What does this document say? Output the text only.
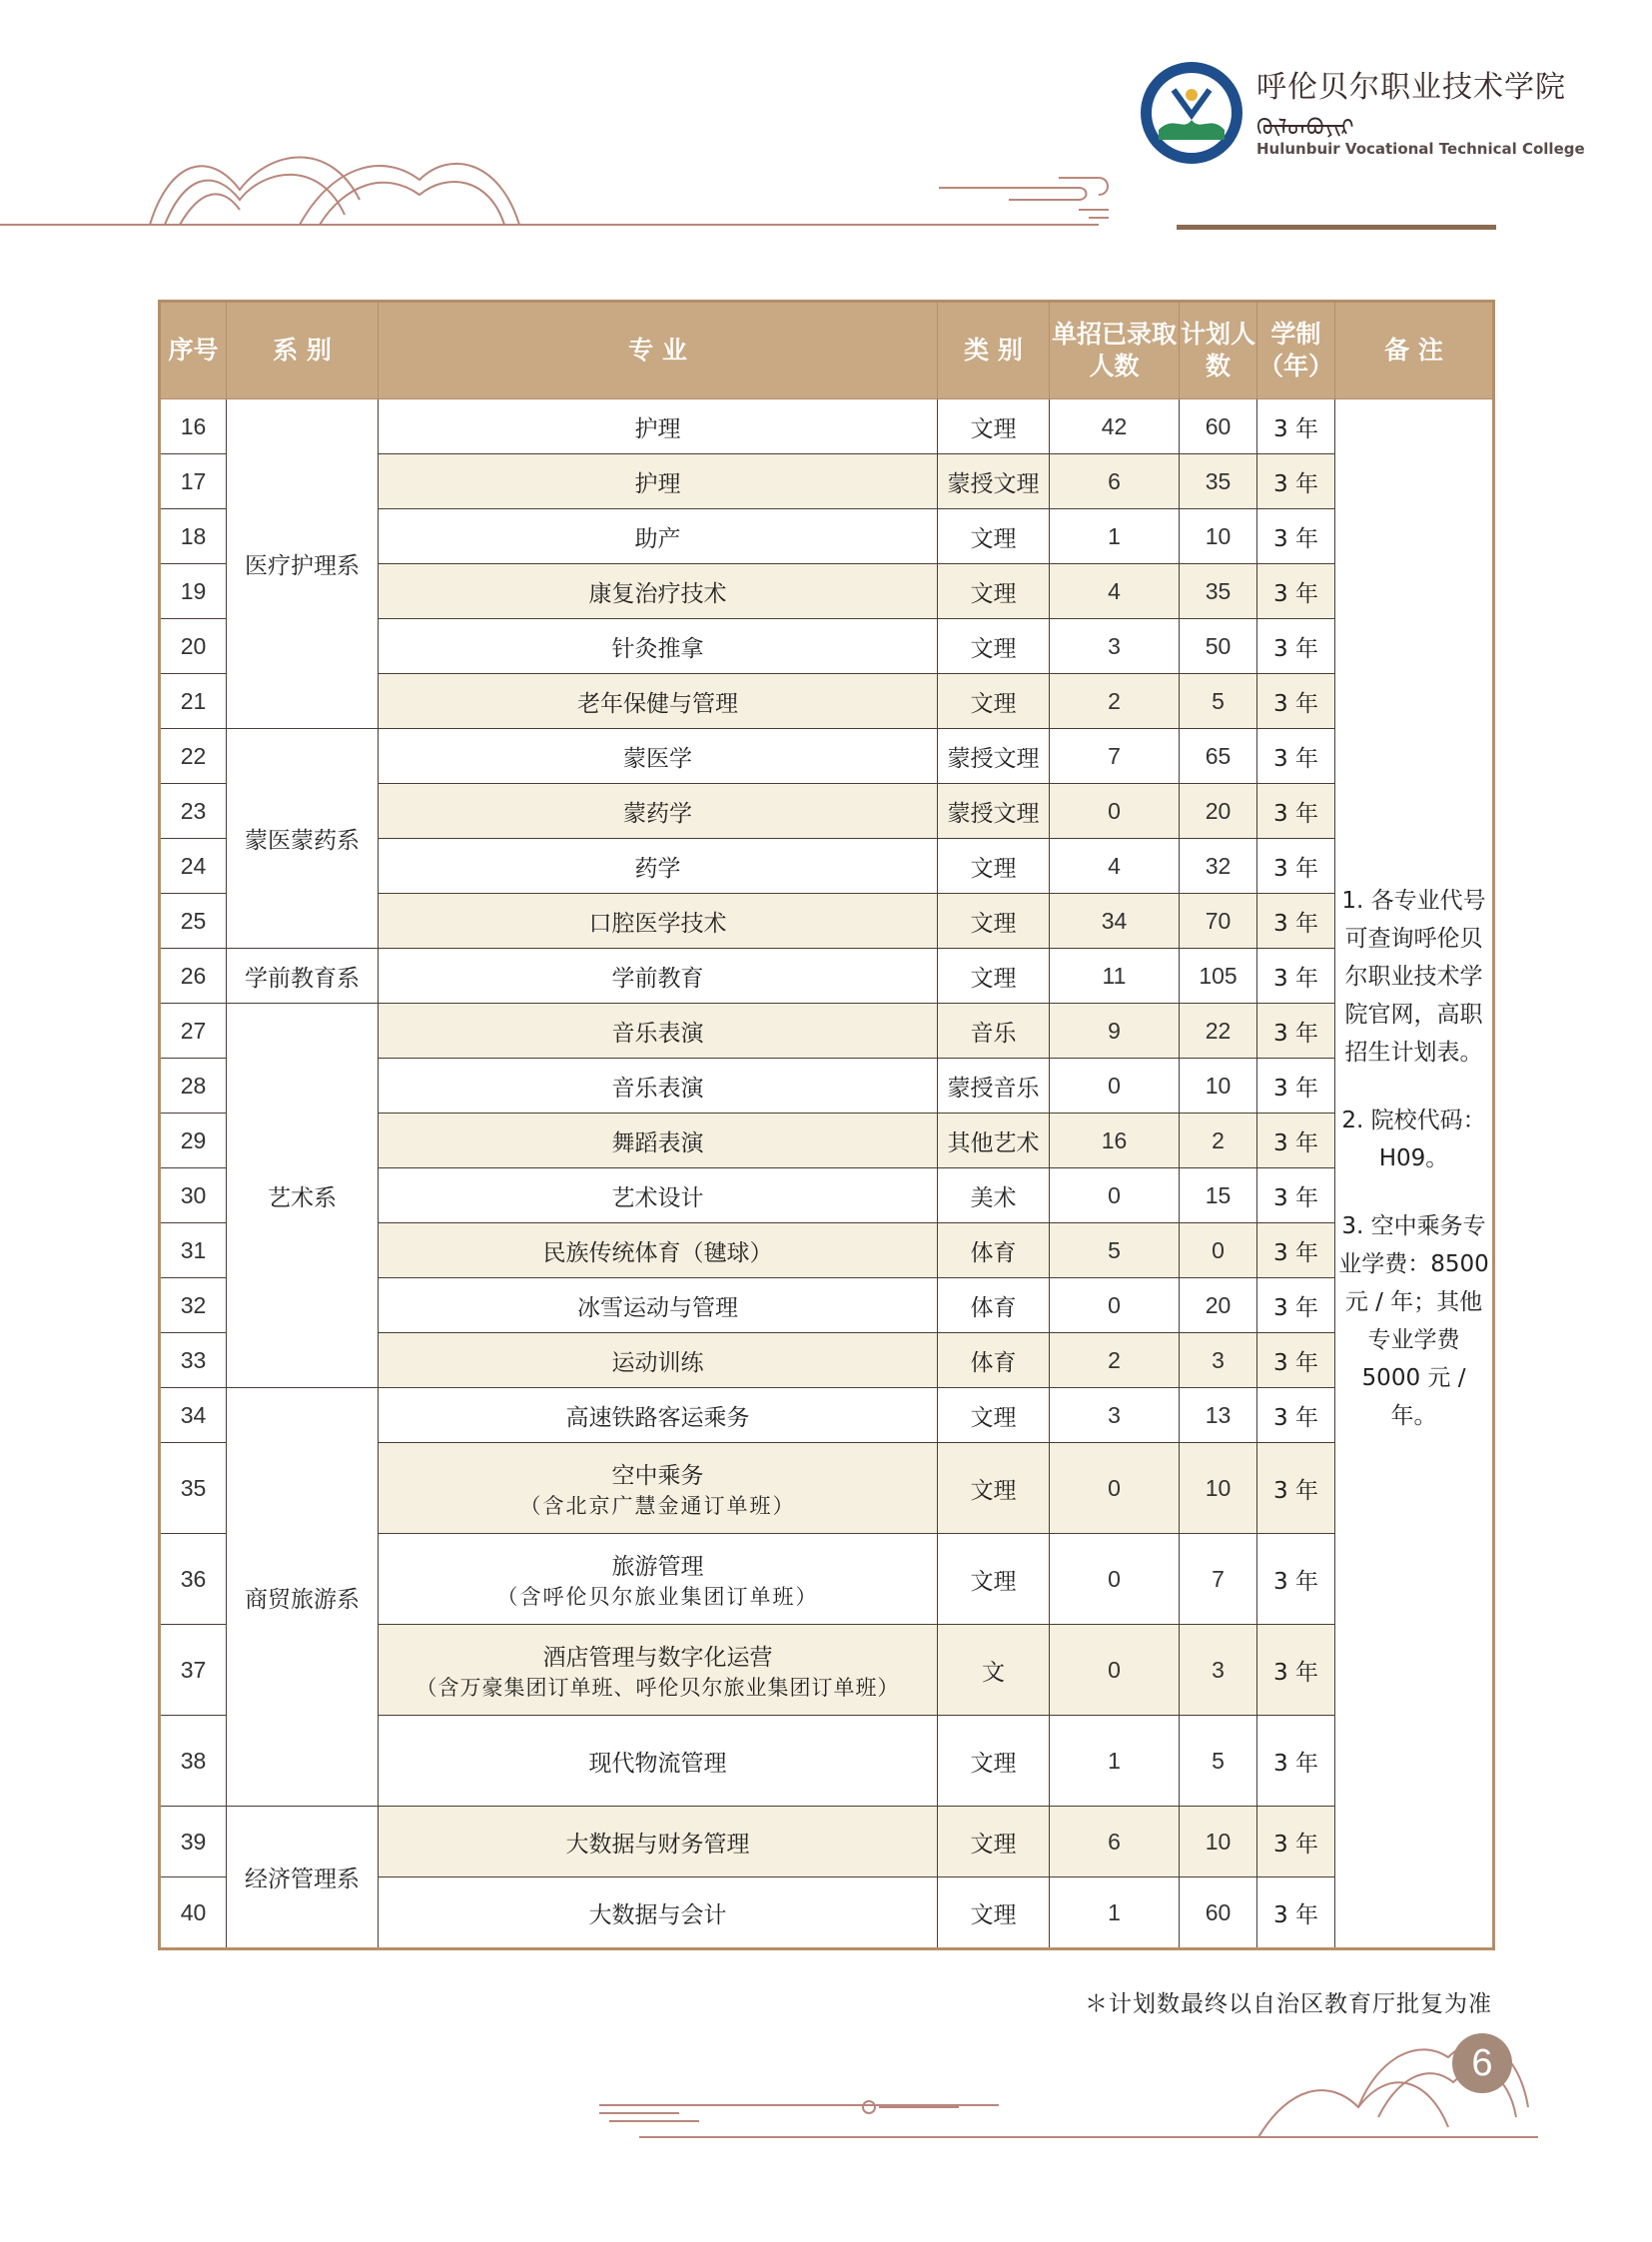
呼伦贝尔职业技术学院
ᠬᠥᠯᠥᠨᠪᠤᠶᠢᠷ
Hulunbuir Vocational Technical College
序号	系 别	专 业	类 别	单招已录取人数	计划人数	学制（年）	备 注
16	医疗护理系	护理	文理	42	60	3 年	1. 各专业代号可查询呼伦贝尔职业技术学院官网，高职招生计划表。
2. 院校代码：H09。
3. 空中乘务专业学费：8500 元 / 年；其他专业学费 5000 元 / 年。

17		护理	蒙授文理	6	35	3 年	
18		助产	文理	1	10	3 年	
19		康复治疗技术	文理	4	35	3 年	
20		针灸推拿	文理	3	50	3 年	
21		老年保健与管理	文理	2	5	3 年	
22	蒙医蒙药系	蒙医学	蒙授文理	7	65	3 年	
23		蒙药学	蒙授文理	0	20	3 年	
24		药学	文理	4	32	3 年	
25		口腔医学技术	文理	34	70	3 年	
26	学前教育系	学前教育	文理	11	105	3 年	
27	艺术系	音乐表演	音乐	9	22	3 年	
28		音乐表演	蒙授音乐	0	10	3 年	
29		舞蹈表演	其他艺术	16	2	3 年	
30		艺术设计	美术	0	15	3 年	
31		民族传统体育（毽球）	体育	5	0	3 年	
32		冰雪运动与管理	体育	0	20	3 年	
33		运动训练	体育	2	3	3 年	
34	商贸旅游系	高速铁路客运乘务	文理	3	13	3 年	
35		空中乘务
（含北京广慧金通订单班）	文理	0	10	3 年	
36		旅游管理
（含呼伦贝尔旅业集团订单班）	文理	0	7	3 年	
37		酒店管理与数字化运营
（含万豪集团订单班、呼伦贝尔旅业集团订单班）	文	0	3	3 年	
38		现代物流管理	文理	1	5	3 年	
39	经济管理系	大数据与财务管理	文理	6	10	3 年	
40		大数据与会计	文理	1	60	3 年	
＊计划数最终以自治区教育厅批复为准
6
